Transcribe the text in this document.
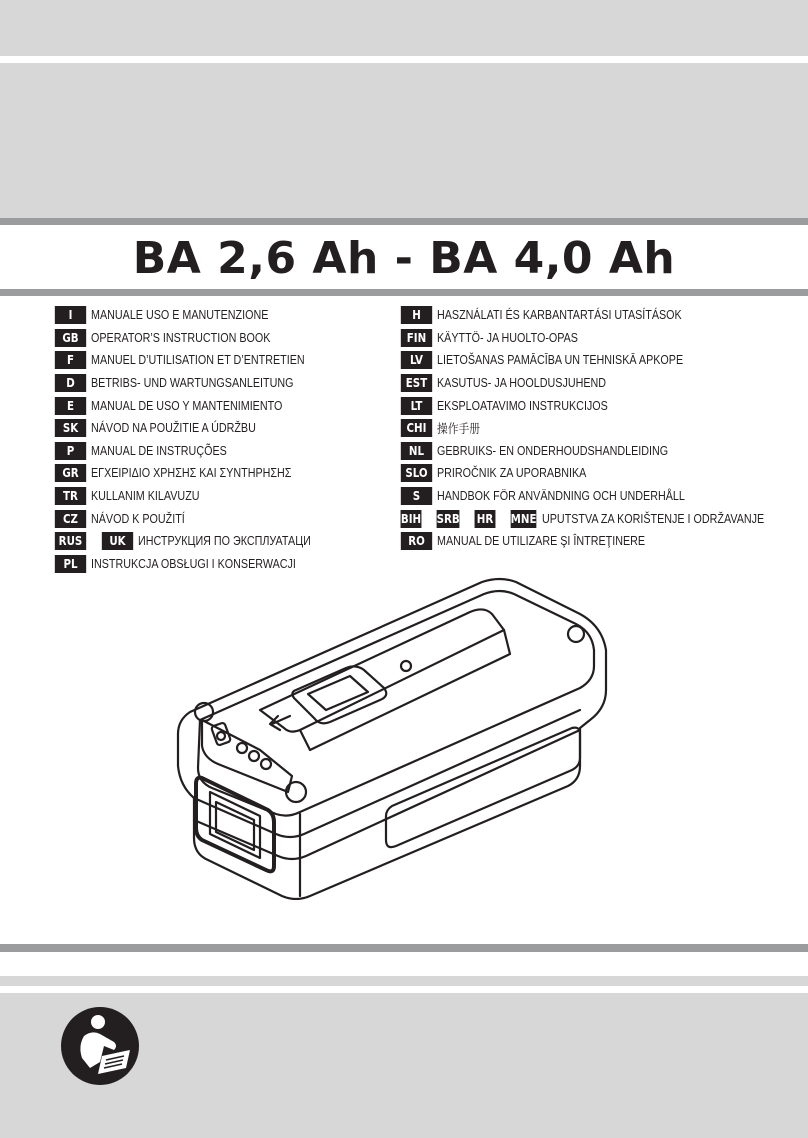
BA 2,6 Ah - BA 4,0 Ah
I	MANUALE USO E MANUTENZIONE
GB OPERATOR’S INSTRUCTION BOOK
F	MANUEL D’UTILISATION ET D’ENTRETIEN
D	BETRIBS- UND WARTUNGSANLEITUNG
E	MANUAL DE USO Y MANTENIMIENTO
SK	NÁVOD NA POUŽITIE A ÚDRŽBU
P	MANUAL DE INSTRUÇÕES
GR ΕΓΧΕΙΡΙΔΙΟ ΧΡΗΣΗΣ ΚΑΙ ΣΥΝΤΗΡΗΣΗΣ
TR	KULLANIM KILAVUZU
CZ	NÁVOD K POUŽITÍ
RUS	UK ИНСТРУКЦИЯ ПО ЭКСПЛУАТАЦИ
PL	INSTRUKCJA OBSŁUGI I KONSERWACJI
H	HASZNÁLATI ÉS KARBANTARTÁSI UTASÍTÁSOK
FIN KÄYTTÖ- JA HUOLTO-OPAS
LV	LIETOŠANAS PAMĀCĪBA UN TEHNISKĀ APKOPE
EST KASUTUS- JA HOOLDUSJUHEND
LT	EKSPLOATAVIMO INSTRUKCIJOS
CHI 操作手册
NL	GEBRUIKS- EN ONDERHOUDSHANDLEIDING
SLO PRIROČNIK ZA UPORABNIKA
S	HANDBOK FÖR ANVÄNDNING OCH UNDERHÅLL
BIH SRB HR MNE UPUTSTVA ZA KORIŠTENJE I ODRŽAVANJE
RO MANUAL DE UTILIZARE ŞI ÎNTREŢINERE
